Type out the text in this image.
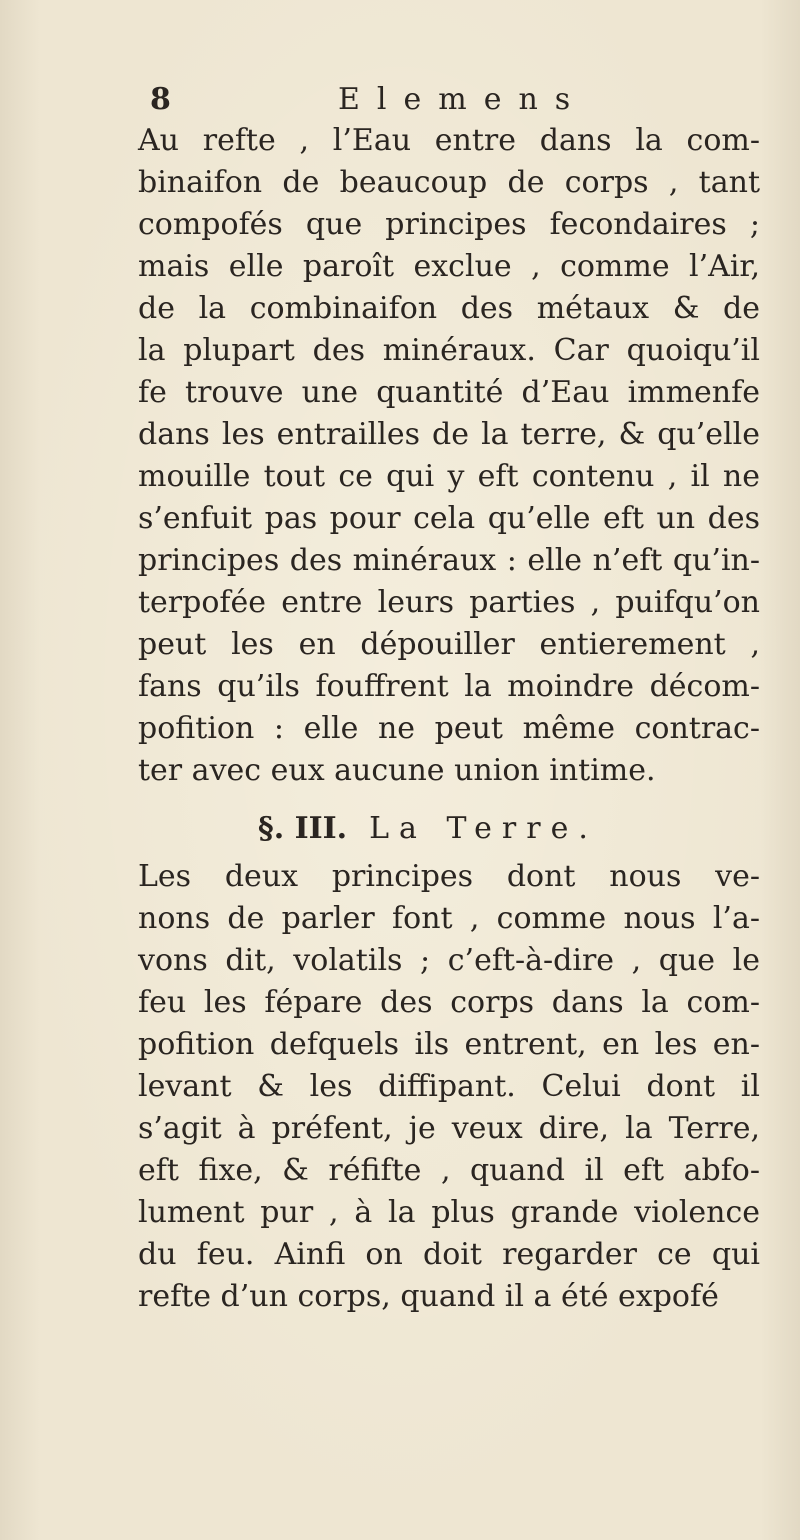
8	Elemens
Au refte , l’Eau entre dans la com-
binaifon de beaucoup de corps , tant
compofés que principes fecondaires ;
mais elle paroît exclue , comme l’Air,
de la combinaifon des métaux & de
la plupart des minéraux. Car quoiqu’il
fe trouve une quantité d’Eau immenfe
dans les entrailles de la terre, & qu’elle
mouille tout ce qui y eft contenu , il ne
s’enfuit pas pour cela qu’elle eft un des
principes des minéraux : elle n’eft qu’in-
terpofée entre leurs parties , puifqu’on
peut les en dépouiller entierement ,
fans qu’ils fouffrent la moindre décom-
pofition : elle ne peut même contrac-
ter avec eux aucune union intime.
§. III. La Terre.
Les deux principes dont nous ve-
nons de parler font , comme nous l’a-
vons dit, volatils ; c’eft-à-dire , que le
feu les fépare des corps dans la com-
pofition defquels ils entrent, en les en-
levant & les diffipant. Celui dont il
s’agit à préfent, je veux dire, la Terre,
eft fixe, & réfifte , quand il eft abfo-
lument pur , à la plus grande violence
du feu. Ainfi on doit regarder ce qui
refte d’un corps, quand il a été expofé
